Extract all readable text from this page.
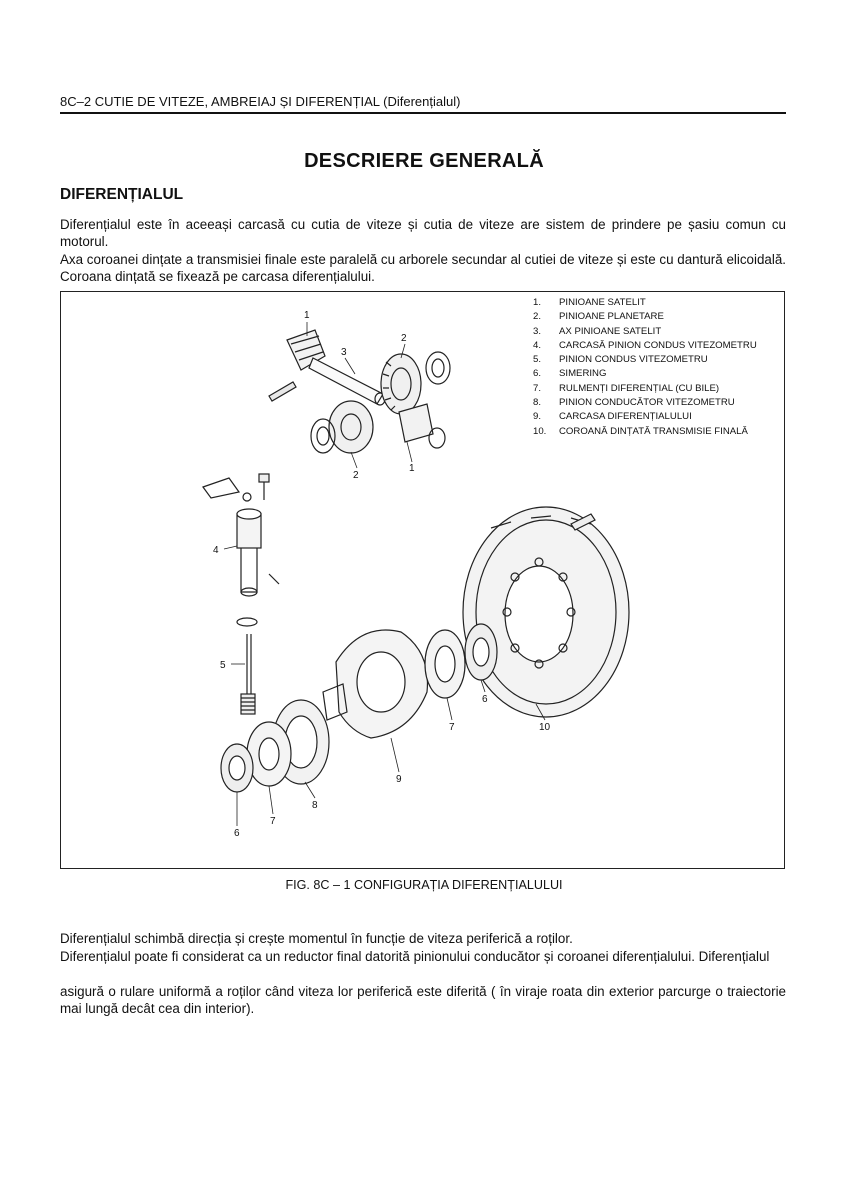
8C–2 CUTIE DE VITEZE, AMBREIAJ ȘI DIFERENȚIAL (Diferențialul)
DESCRIERE GENERALĂ
DIFERENȚIALUL

Diferențialul este în aceeași carcasă cu cutia de viteze și cutia de viteze are sistem de prindere pe șasiu comun cu motorul.

Axa coroanei dințate a transmisiei finale este paralelă cu arborele secundar al cutiei de viteze și este cu dantură elicoidală. Coroana dințată se fixează pe carcasa diferențialului.

1
2
3
2
1
4
5
6
7	10
9
8
7
6
1. PINIOANE SATELIT
2. PINIOANE PLANETARE
3. AX PINIOANE SATELIT
4. CARCASĂ PINION CONDUS VITEZOMETRU
5. PINION CONDUS VITEZOMETRU
6. SIMERING
7. RULMENȚI DIFERENȚIAL (CU BILE)
8. PINION CONDUCĂTOR VITEZOMETRU
9. CARCASA DIFERENȚIALULUI
10. COROANĂ DINȚATĂ TRANSMISIE FINALĂ
FIG. 8C – 1 CONFIGURAȚIA DIFERENȚIALULUI

Diferențialul schimbă direcția și crește momentul în funcție de viteza periferică a roților.

Diferențialul poate fi considerat ca un reductor final datorită pinionului conducător și coroanei diferențialului. Diferențialul

asigură o rulare uniformă a roților când viteza lor periferică este diferită ( în viraje roata din exterior parcurge o traiectorie mai lungă decât cea din interior).
